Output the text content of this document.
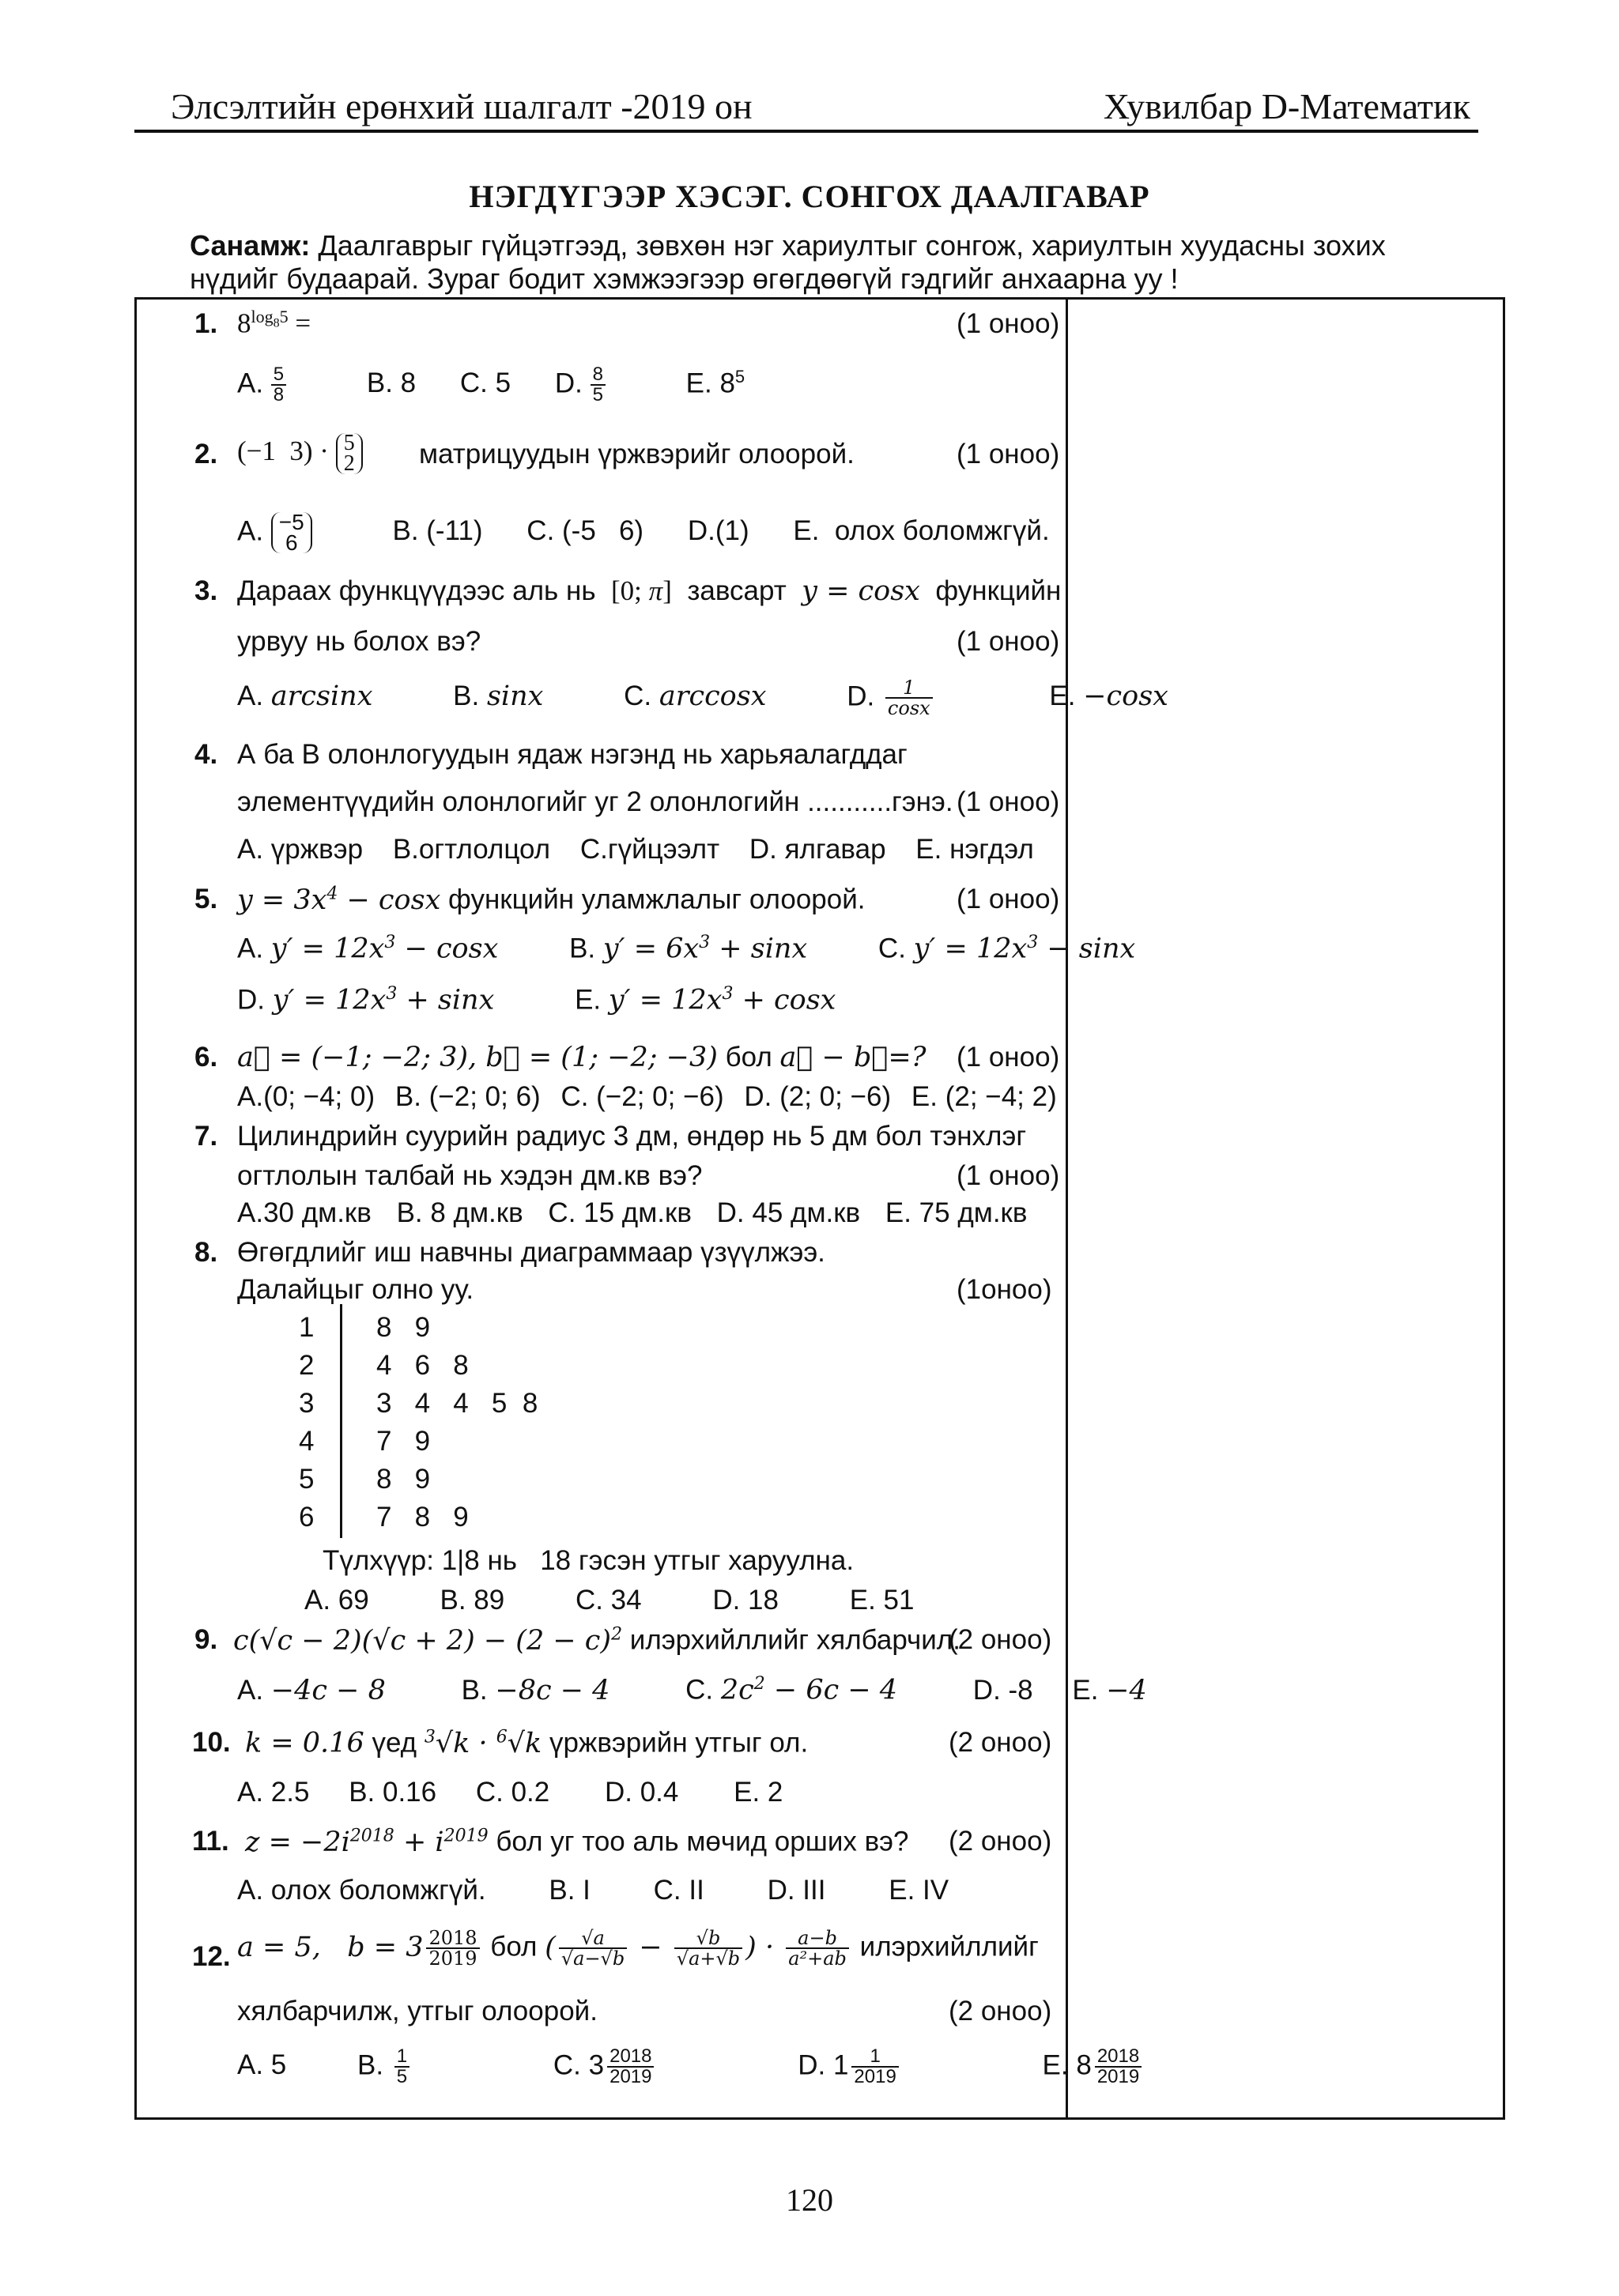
Элсэлтийн ерөнхий шалгалт -2019 он	Хувилбар D-Математик
НЭГДҮГЭЭР ХЭСЭГ. СОНГОХ ДААЛГАВАР
Санамж: Даалгаврыг гүйцэтгээд, зөвхөн нэг хариултыг сонгож, хариултын хуудасны зохих нүдийг будаарай. Зураг бодит хэмжээгээр өгөгдөөгүй гэдгийг анхаарна уу !
1. $8^{log_85}$ =	(1 оноо)
A. $\frac{5}{8} B$. 8 C. 5 D. $\frac{8}{5} E$. $8^5$
2. (−1  3) · 5
2 матрицуудын үржвэрийг олоорой.	(1 оноо)
A. −5
6	B. (-11) C. (-5   6) D.(1) E.  олох боломжгүй.
3. Дараах функцүүдээс аль нь [0; π] завсарт y = cosx функцийн
урвуу нь болох вэ?	(1 оноо)
A. arcsinx	B. sinx	C. arccosx	D. $\frac{1}{\cos x}$	E. −cosx
4. А ба В олонлогуудын ядаж нэгэнд нь харьяалагддаг
элементүүдийн олонлогийг уг 2 олонлогийн ...........гэнэ. (1 оноо)
A. үржвэр B.огтлолцол C.гүйцээлт D. ялгавар E. нэгдэл
5. $y = 3x^4 - \cos x$ функцийн уламжлалыг олоорой.	(1 оноо)
A. $y' = 12x^3 - \cos x$	B. $y' = 6x^3 + \sin x$	C. $y' = 12x^3 - \sin x$
D. $y' = 12x^3 + \sin x$	E. $y' = 12x^3 + \cos x$
6. a⃗ = (−1; −2; 3), b⃗ = (1; −2; −3) бол a⃗ − b⃗=? (1 оноо)
A.(0; −4; 0) B. (−2; 0; 6) C. (−2; 0; −6) D. (2; 0; −6) E. (2; −4; 2)
7. Цилиндрийн суурийн радиус 3 дм, өндөр нь 5 дм бол тэнхлэг
огтлолын талбай нь хэдэн дм.кв вэ?	(1 оноо)
A.30 дм.кв B. 8 дм.кв C. 15 дм.кв D. 45 дм.кв E. 75 дм.кв
8. Өгөгдлийг иш навчны диаграммаар үзүүлжээ.
Далайцыг олно уу.	(1оноо)
1 8   9
2 4   6   8
3 3   4   4   5  8
4 7   9
5 8   9
6 7   8   9
Түлхүүр: 1|8 нь   18 гэсэн утгыг харуулна.
A. 69	B. 89	C. 34	D. 18	E. 51
9. $c(√c - 2)(√c + 2) - (2 - c)^2$ илэрхийллийг хялбарчил.
(2 оноо)
A. −4c − 8	B. −8c − 4	C. $2c^2 - 6c - 4$	D. -8 E. −4
10. k = 0.16 үед $^3$√k · $^6$√k үржвэрийн утгыг ол.	(2 оноо)
A. 2.5 B. 0.16 C. 0.2 D. 0.4 E. 2
11. $z = -2i^{2018} + i^{2019}$ бол уг тоо аль мөчид орших вэ? (2 оноо)
A. олох боломжгүй. B. I C. II D. III E. IV
12. a = 5,   $b = 3 \frac{2018}{2019}$ бол ( $\frac{√a}{√a-√b} - \frac{√b}{√a+√b}$ ) · $\frac{a-b}{\text{a²+ab}}$ илэрхийллийг
хялбарчилж, утгыг олоорой.	(2 оноо)
A. 5	B. $\frac{1}{5}$	C. $3 \frac{2018}{2019}$	D. $1 \frac{1}{2019}$	E. $8 \frac{2018}{2019}$
120
